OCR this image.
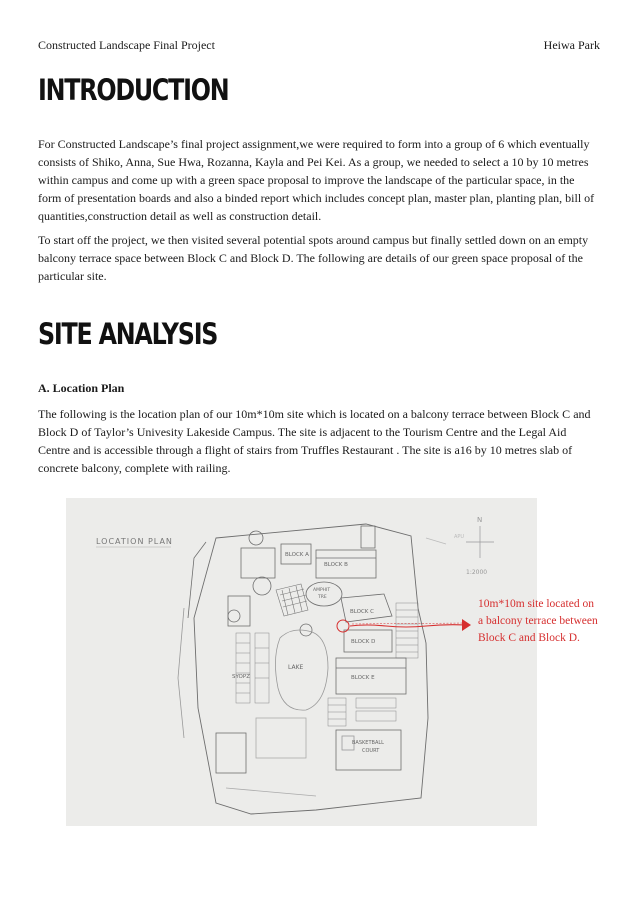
Constructed Landscape Final Project	Heiwa Park
INTRODUCTION

For Constructed Landscape’s final project assignment,we were required to form into a group of 6 which eventually consists of Shiko, Anna, Sue Hwa, Rozanna, Kayla and Pei Kei. As a group, we needed to select a 10 by 10 metres within campus and come up with a green space proposal to improve the landscape of the particular space, in the form of presentation boards and also a binded report which includes concept plan, master plan, planting plan, bill of quantities,construction detail as well as construction detail.

To start off the project, we then visited several potential spots around campus but finally settled down on an empty balcony terrace space between Block C and Block D. The following are details of our green space proposal of the particular site.

SITE ANALYSIS

A. Location Plan

The following is the location plan of our 10m*10m site which is located on a balcony terrace between Block C and Block D of Taylor’s Univesity Lakeside Campus. The site is adjacent to the Tourism Centre and the Legal Aid Centre and is accessible through a flight of stairs from Truffles Restaurant . The site is a16 by 10 metres slab of concrete balcony, complete with railing.

LOCATION PLAN
BLOCK A
BLOCK B
AMPHIT
TRE
BLOCK C
BLOCK D
SYOPZ
LAKE
BLOCK E
BASKETBALL
COURT
N
1:2000
APU
10m*10m site located on a balcony terrace between Block C and Block D.
